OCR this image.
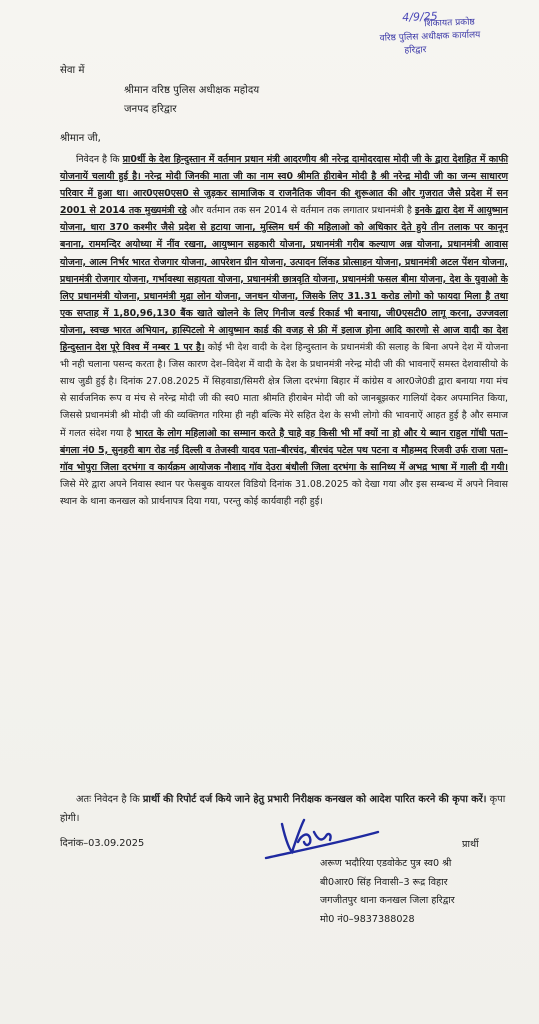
4/9/25
शिकायत प्रकोष्ठ
वरिष्ठ पुलिस अधीक्षक कार्यालय
हरिद्वार
सेवा में
श्रीमान वरिष्ठ पुलिस अधीक्षक महोदय
जनपद हरिद्वार
श्रीमान जी,

निवेदन है कि प्रा0र्थी के देश हिन्दुस्तान में वर्तमान प्रधान मंत्री आदरणीय श्री नरेन्द्र दामोदरदास मोदी जी के द्वारा देशहित में काफी योजनायें चलायी हुई है। नरेन्द्र मोदी जिनकी माता जी का नाम स्व0 श्रीमति हीराबेन मोदी है श्री नरेन्द्र मोदी जी का जन्म साधारण परिवार में हुआ था। आर0एस0एस0 से जुड़कर सामाजिक व राजनैतिक जीवन की शुरूआत की और गुजरात जैसे प्रदेश में सन 2001 से 2014 तक मुख्यमंत्री रहे और वर्तमान तक सन 2014 से वर्तमान तक लगातार प्रधानमंत्री है इनके द्वारा देश में आयुष्मान योजना, धारा 370 कश्मीर जैसे प्रदेश से हटाया जाना, मुस्लिम धर्म की महिलाओ को अधिकार देते हुये तीन तलाक पर कानून बनाना, राममन्दिर अयोध्या में नींव रखना, आयुष्मान सहकारी योजना, प्रधानमंत्री गरीब कल्याण अन्न योजना, प्रधानमंत्री आवास योजना, आत्म निर्भर भारत रोजगार योजना, आपरेशन ग्रीन योजना, उत्पादन लिंकड प्रोत्साहन योजना, प्रधानमंत्री अटल पेंशन योजना, प्रधानमंत्री रोजगार योजना, गर्भावस्था सहायता योजना, प्रधानमंत्री छात्रवृति योजना, प्रधानमंत्री फसल बीमा योजना, देश के युवाओ के लिए प्रधानमंत्री योजना, प्रधानमंत्री मुद्रा लोन योजना, जनधन योजना, जिसके लिए 31.31 करोड लोगो को फायदा मिला है तथा एक सप्ताह में 1,80,96,130 बैंक खाते खोलने के लिए गिनीज वर्ल्ड रिकार्ड भी बनाया, जी0एसटी0 लागू करना, उज्जवला योजना, स्वच्छ भारत अभियान, हास्पिटलो मे आयुष्मान कार्ड की वजह से फ्री में इलाज होना आदि कारणो से आज वादी का देश हिन्दुस्तान देश पूरे विश्व में नम्बर 1 पर है। कोई भी देश वादी के देश हिन्दुस्तान के प्रधानमंत्री की सलाह के बिना अपने देश में योजना भी नही चलाना पसन्द करता है। जिस कारण देश–विदेश में वादी के देश के प्रधानमंत्री नरेन्द्र मोदी जी की भावनाऐं समस्त देशवासीयो के साथ जुडी हुई है। दिनांक 27.08.2025 में सिहवाडा/सिमरी क्षेत्र जिला दरभंगा बिहार में कांग्रेस व आर0जे0डी द्वारा बनाया गया मंच से सार्वजनिक रूप व मंच से नरेन्द्र मोदी जी की स्व0 माता श्रीमति हीराबेन मोदी जी को जानबूझकर गालियॉ देकर अपमानित किया, जिससे प्रधानमंत्री श्री मोदी जी की व्यक्तिगत गरिमा ही नही बल्कि मेरे सहित देश के सभी लोगो की भावनाऐं आहत हुई है और समाज में गलत संदेश गया है भारत के लोग महिलाओ का सम्मान करते है चाहे वह किसी भी मॉं क्यों ना हो और ये ब्यान राहुल गॉधी पता–बंगला नं0 5, सुनहरी बाग रोड नई दिल्ली व तेजस्वी यादव पता–बीरचंद, बीरचंद पटेल पथ पटना व मौहम्मद रिजवी उर्फ राजा पता–गॉव भोपुरा जिला दरभंगा व कार्यक्रम आयोजक नौशाद गॉव देउरा बंधौली जिला दरभंगा के सानिध्य में अभद्र भाषा में गाली दी गयी। जिसे मेरे द्वारा अपने निवास स्थान पर फेसबुक वायरल विडियो दिनांक 31.08.2025 को देखा गया और इस सम्बन्ध में अपने निवास स्थान के थाना कनखल को प्रार्थनापत्र दिया गया, परन्तु कोई कार्यवाही नही हुई।

अतः निवेदन है कि प्रार्थी की रिपोर्ट दर्ज किये जाने हेतु प्रभारी निरीक्षक कनखल को आदेश पारित करने की कृपा करें। कृपा होगी।
दिनांक–03.09.2025	प्रार्थी
अरूण भदौरिया एडवोकेट पुत्र स्व0 श्री
बी0आर0 सिंह निवासी–3 रूद्र विहार
जगजीतपुर थाना कनखल जिला हरिद्वार
मो0 नं0–9837388028
